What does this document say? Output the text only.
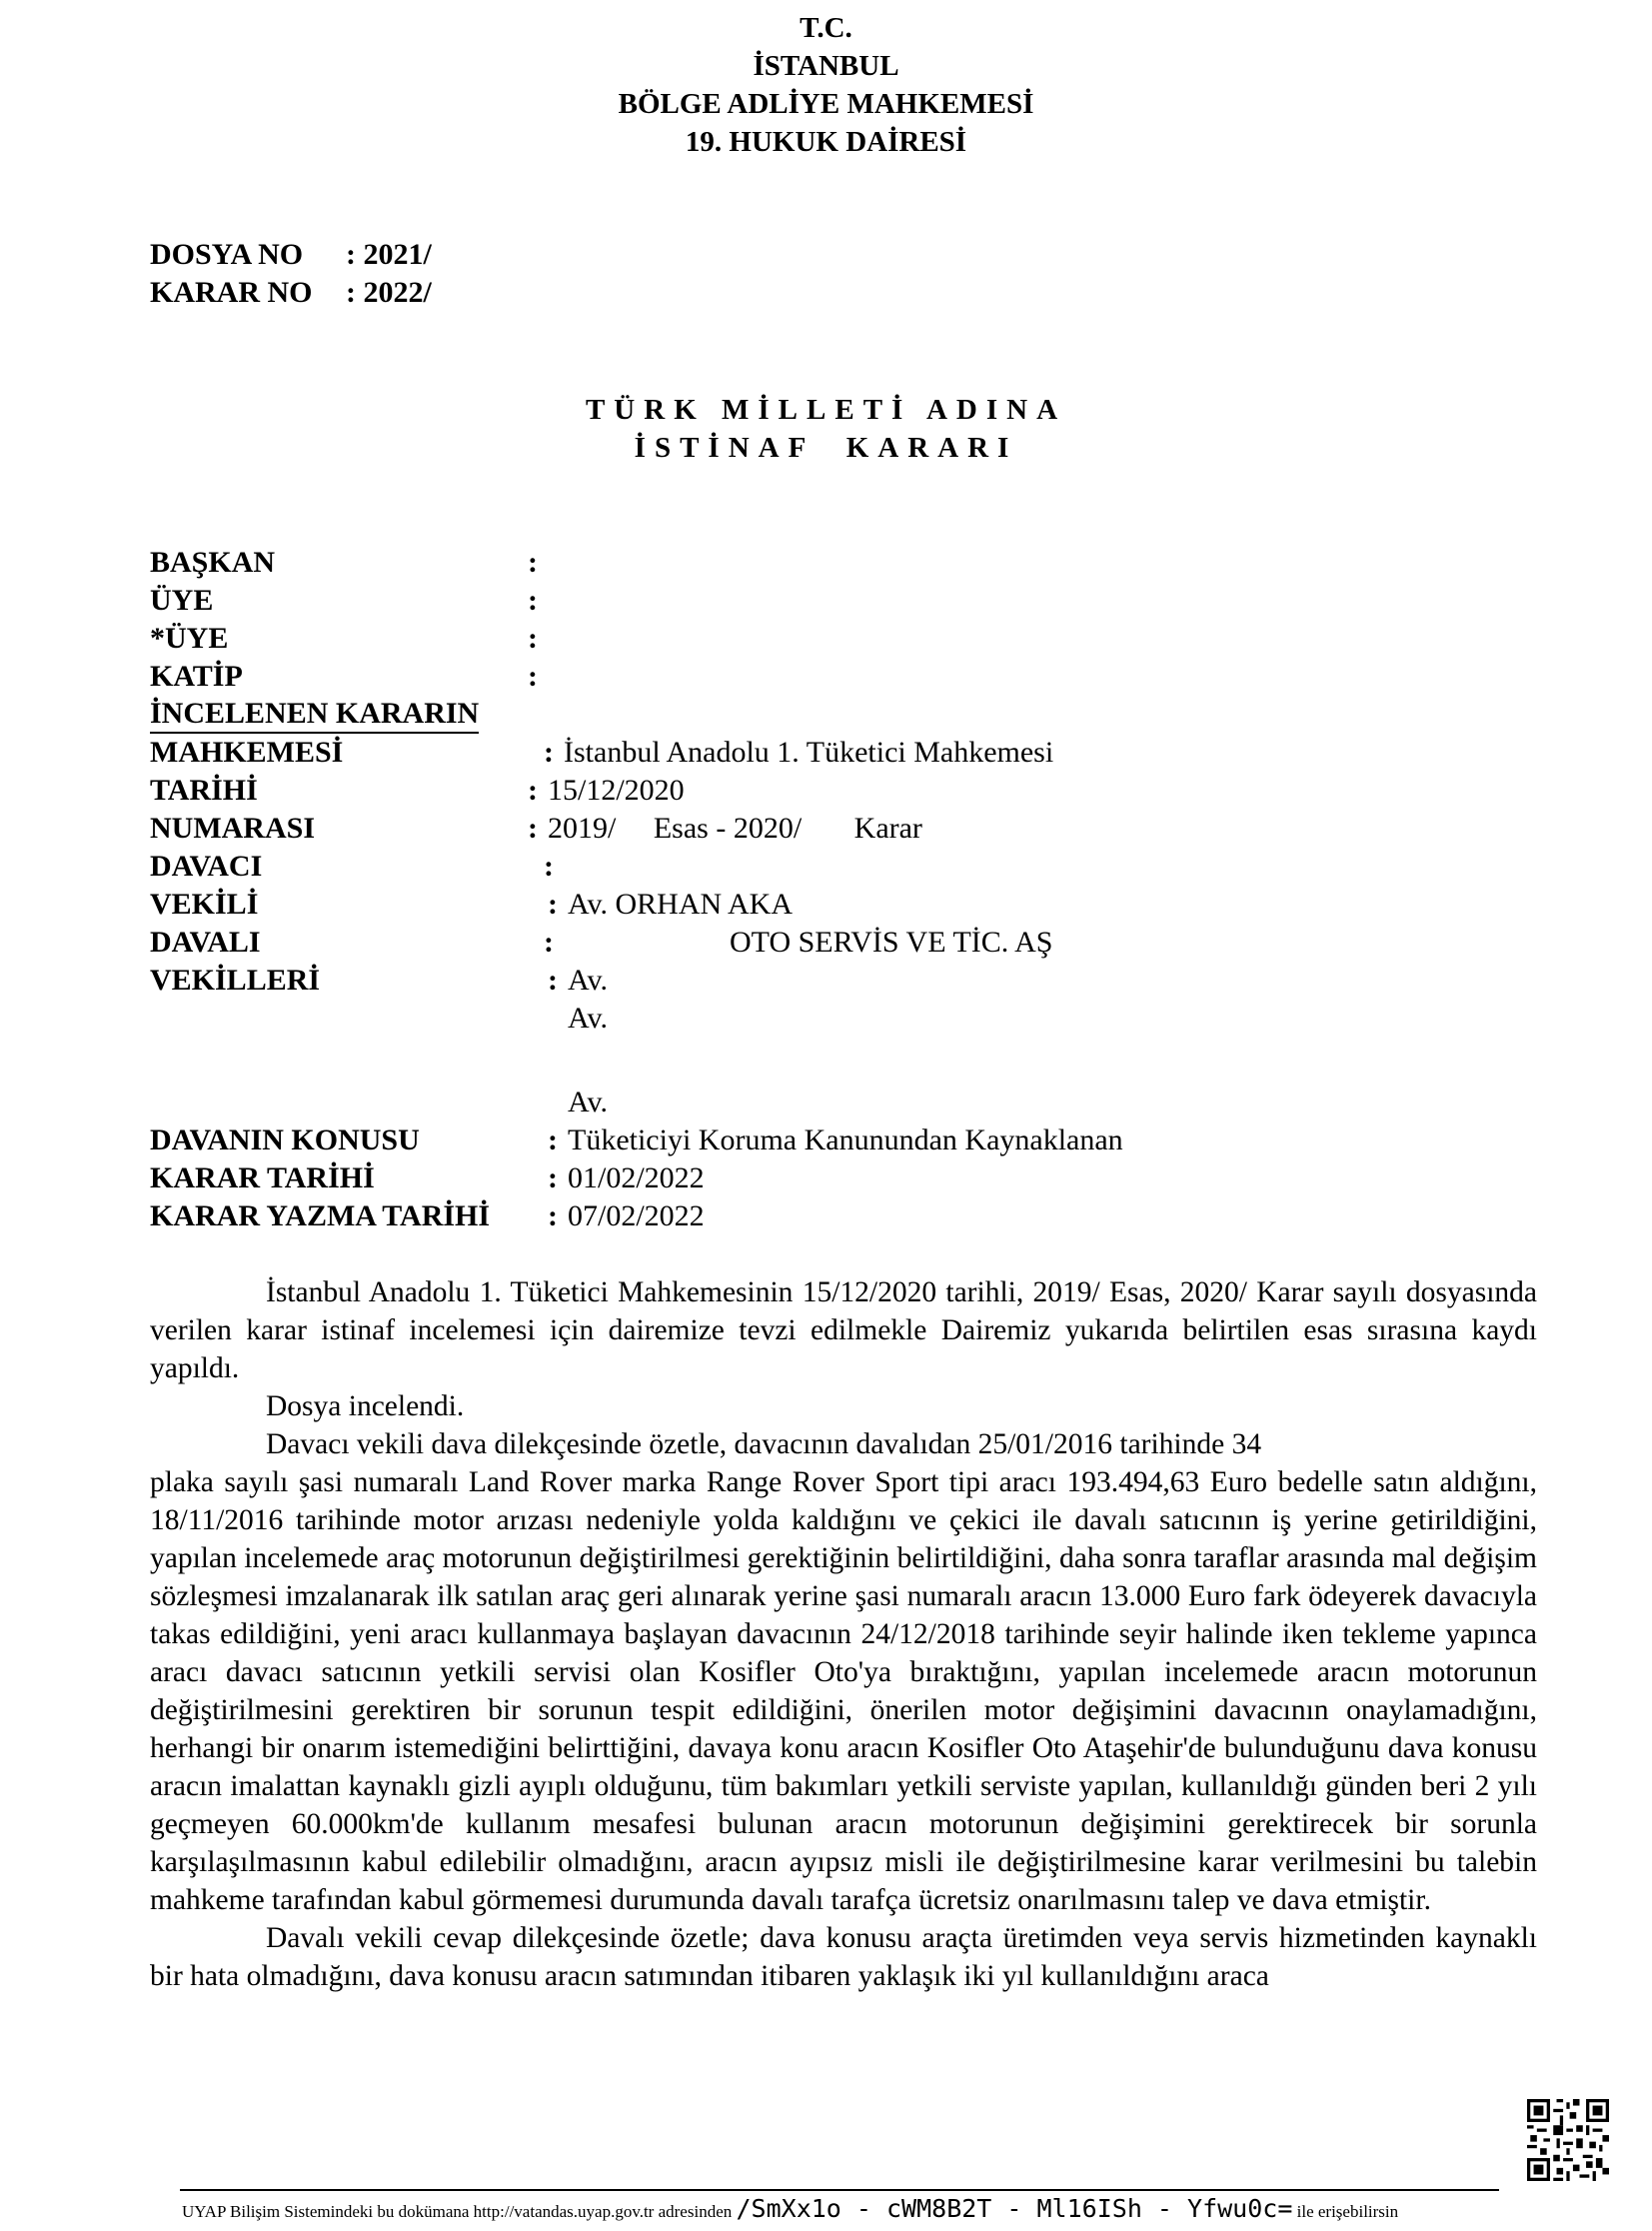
T.C.
İSTANBUL
BÖLGE ADLİYE MAHKEMESİ
19. HUKUK DAİRESİ
DOSYA NO : 2021/
KARAR NO : 2022/
TÜRK MİLLETİ ADINA
İSTİNAF  KARARI
BAŞKAN	:
ÜYE	:
*ÜYE	:
KATİP	:
İNCELENEN KARARIN
MAHKEMESİ	: İstanbul Anadolu 1. Tüketici Mahkemesi
TARİHİ	: 15/12/2020
NUMARASI	: 2019/     Esas - 2020/       Karar
DAVACI	:
VEKİLİ	: Av. ORHAN AKA
DAVALI	:	OTO SERVİS VE TİC. AŞ
VEKİLLERİ	: Av.
Av.
Av.
DAVANIN KONUSU	: Tüketiciyi Koruma Kanunundan Kaynaklanan
KARAR TARİHİ	: 01/02/2022
KARAR YAZMA TARİHİ : 07/02/2022

İstanbul Anadolu 1. Tüketici Mahkemesinin 15/12/2020 tarihli, 2019/ Esas, 2020/ Karar sayılı dosyasında verilen karar istinaf incelemesi için dairemize tevzi edilmekle Dairemiz yukarıda belirtilen esas sırasına kaydı yapıldı.

Dosya incelendi.

Davacı vekili dava dilekçesinde özetle, davacının davalıdan 25/01/2016 tarihinde 34

plaka sayılı şasi numaralı Land Rover marka Range Rover Sport tipi aracı 193.494,63 Euro bedelle satın aldığını, 18/11/2016 tarihinde motor arızası nedeniyle yolda kaldığını ve çekici ile davalı satıcının iş yerine getirildiğini, yapılan incelemede araç motorunun değiştirilmesi gerektiğinin belirtildiğini, daha sonra taraflar arasında mal değişim sözleşmesi imzalanarak ilk satılan araç geri alınarak yerine şasi numaralı aracın 13.000 Euro fark ödeyerek davacıyla takas edildiğini, yeni aracı kullanmaya başlayan davacının 24/12/2018 tarihinde seyir halinde iken tekleme yapınca aracı davacı satıcının yetkili servisi olan Kosifler Oto'ya bıraktığını, yapılan incelemede aracın motorunun değiştirilmesini gerektiren bir sorunun tespit edildiğini, önerilen motor değişimini davacının onaylamadığını, herhangi bir onarım istemediğini belirttiğini, davaya konu aracın Kosifler Oto Ataşehir'de bulunduğunu dava konusu aracın imalattan kaynaklı gizli ayıplı olduğunu, tüm bakımları yetkili serviste yapılan, kullanıldığı günden beri 2 yılı geçmeyen 60.000km'de kullanım mesafesi bulunan aracın motorunun değişimini gerektirecek bir sorunla karşılaşılmasının kabul edilebilir olmadığını, aracın ayıpsız misli ile değiştirilmesine karar verilmesini bu talebin mahkeme tarafından kabul görmemesi durumunda davalı tarafça ücretsiz onarılmasını talep ve dava etmiştir.

Davalı vekili cevap dilekçesinde özetle; dava konusu araçta üretimden veya servis hizmetinden kaynaklı bir hata olmadığını, dava konusu aracın satımından itibaren yaklaşık iki yıl kullanıldığını araca

UYAP Bilişim Sistemindeki bu dokümana http://vatandas.uyap.gov.tr adresinden /SmXx1o - cWM8B2T - Ml16ISh - Yfwu0c= ile erişebilirsin
